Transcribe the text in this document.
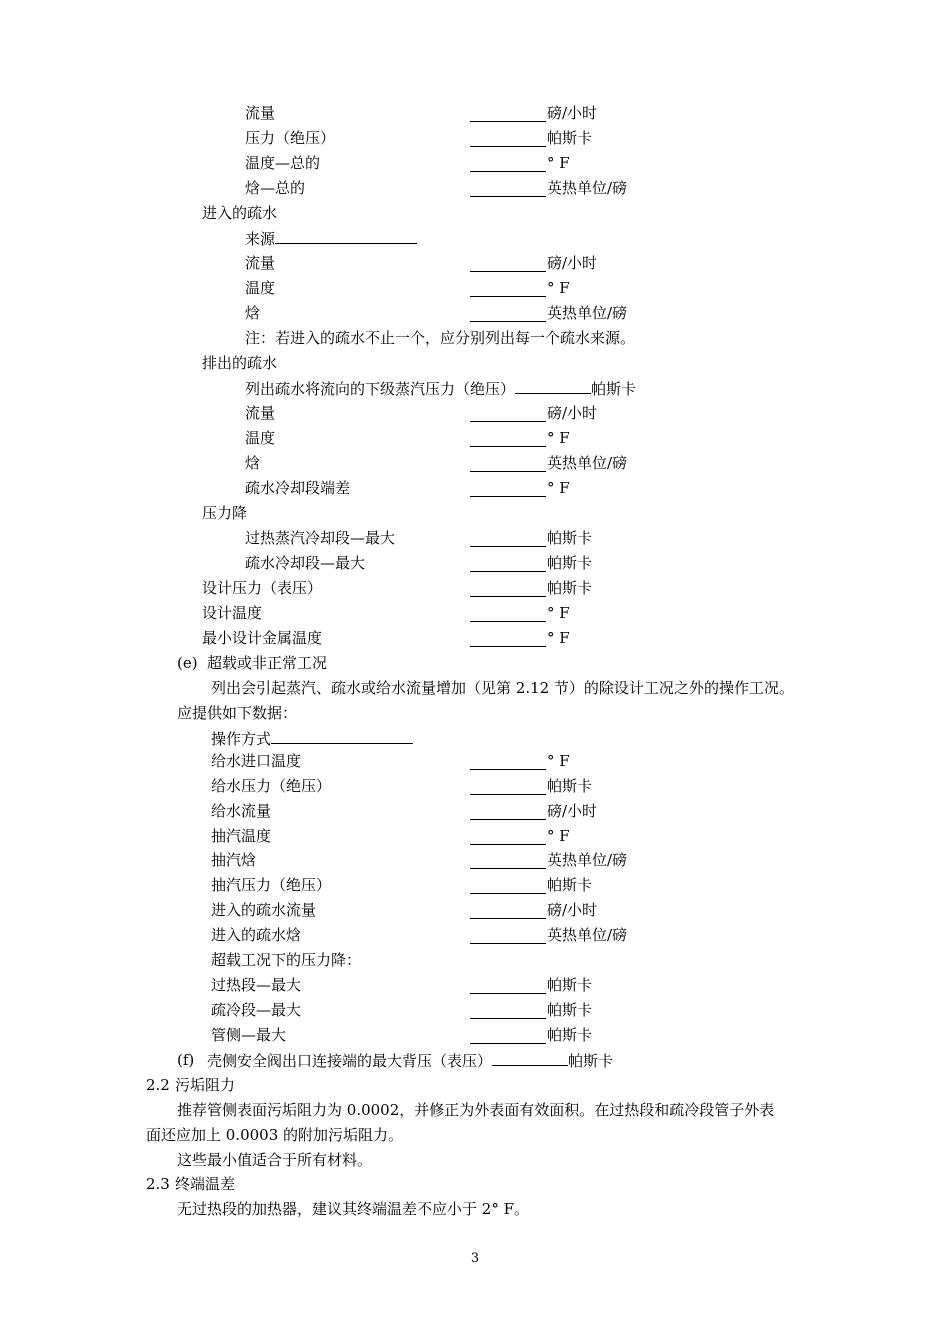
流量	磅/小时
压力（绝压）	帕斯卡
温度—总的	° F
焓—总的	英热单位/磅
进入的疏水
来源
流量	磅/小时
温度	° F
焓	英热单位/磅
注：若进入的疏水不止一个，应分别列出每一个疏水来源。
排出的疏水
列出疏水将流向的下级蒸汽压力（绝压）	帕斯卡
流量	磅/小时
温度	° F
焓	英热单位/磅
疏水冷却段端差	° F
压力降
过热蒸汽冷却段—最大	帕斯卡
疏水冷却段—最大	帕斯卡
设计压力（表压）	帕斯卡
设计温度	° F
最小设计金属温度	° F
(e) 超载或非正常工况
列出会引起蒸汽、疏水或给水流量增加（见第 2.12 节）的除设计工况之外的操作工况。
应提供如下数据：
操作方式
给水进口温度	° F
给水压力（绝压）	帕斯卡
给水流量	磅/小时
抽汽温度	° F
抽汽焓	英热单位/磅
抽汽压力（绝压）	帕斯卡
进入的疏水流量	磅/小时
进入的疏水焓	英热单位/磅
超载工况下的压力降：
过热段—最大	帕斯卡
疏冷段—最大	帕斯卡
管侧—最大	帕斯卡
(f) 壳侧安全阀出口连接端的最大背压（表压）	帕斯卡
2.2 污垢阻力
推荐管侧表面污垢阻力为 0.0002，并修正为外表面有效面积。在过热段和疏冷段管子外表
面还应加上 0.0003 的附加污垢阻力。
这些最小值适合于所有材料。
2.3 终端温差
无过热段的加热器，建议其终端温差不应小于 2° F。
3
